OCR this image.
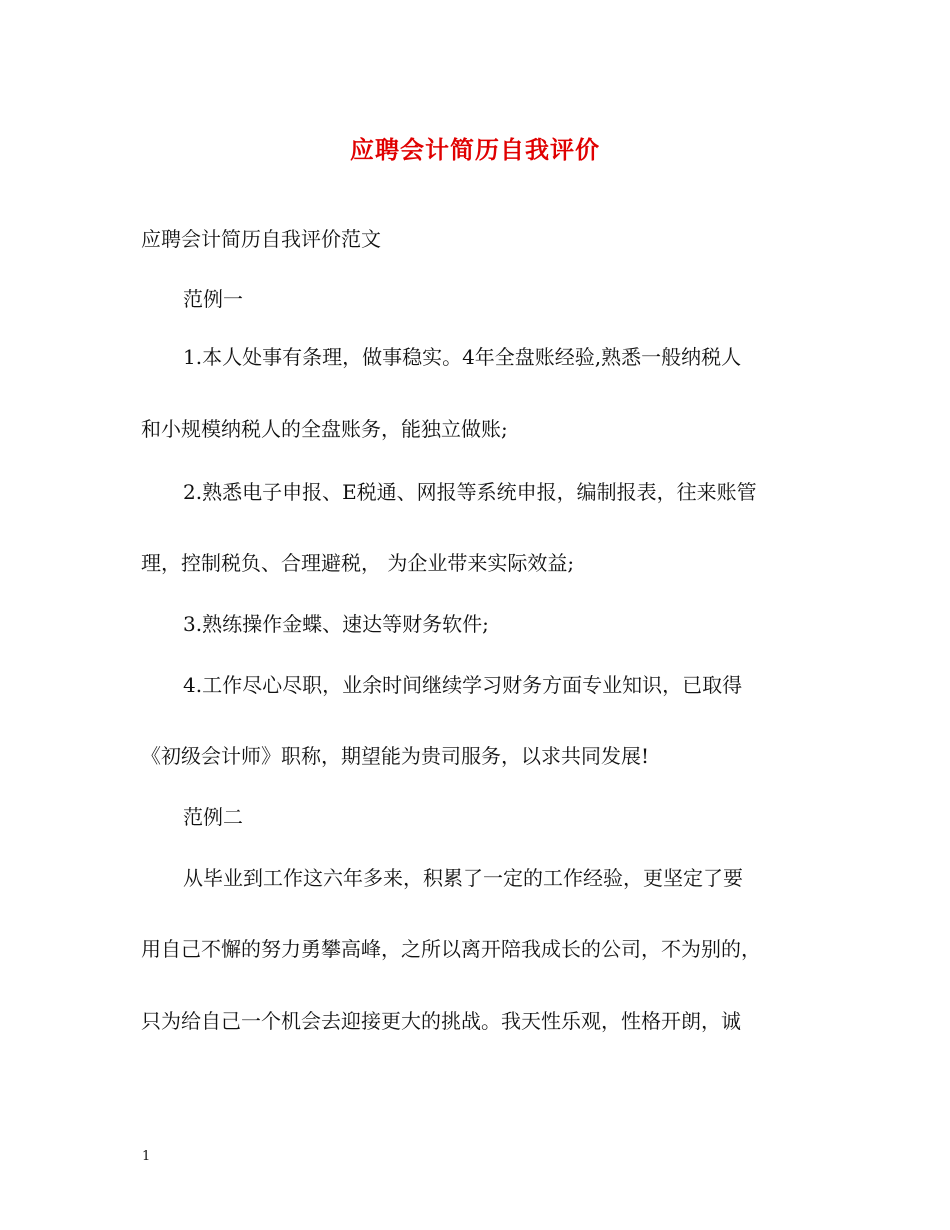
应聘会计简历自我评价
应聘会计简历自我评价范文
范例一
1.本人处事有条理，做事稳实。4年全盘账经验,熟悉一般纳税人
和小规模纳税人的全盘账务，能独立做账;
2.熟悉电子申报、E税通、网报等系统申报，编制报表，往来账管
理，控制税负、合理避税， 为企业带来实际效益;
3.熟练操作金蝶、速达等财务软件;
4.工作尽心尽职，业余时间继续学习财务方面专业知识，已取得
《初级会计师》职称，期望能为贵司服务，以求共同发展!
范例二
从毕业到工作这六年多来，积累了一定的工作经验，更坚定了要
用自己不懈的努力勇攀高峰，之所以离开陪我成长的公司，不为别的，
只为给自己一个机会去迎接更大的挑战。我天性乐观，性格开朗，诚
1
